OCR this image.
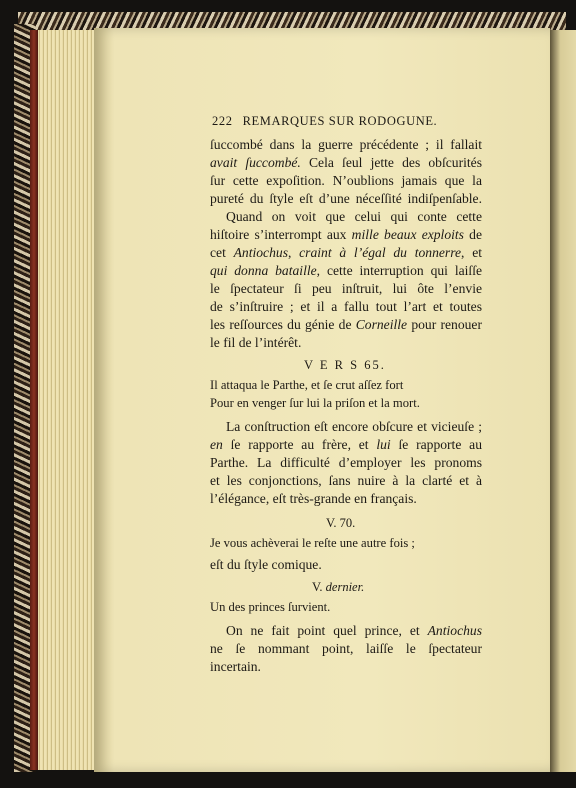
222 REMARQUES SUR RODOGUNE.
ſuccombé dans la guerre précédente ; il fallait
avait ſuccombé. Cela ſeul jette des obſcurités
ſur cette expoſition. N’oublions jamais que la
pureté du ſtyle eſt d’une néceſſité indiſpenſable.
Quand on voit que celui qui conte cette
hiſtoire s’interrompt aux mille beaux exploits de
cet Antiochus, craint à l’égal du tonnerre, et
qui donna bataille, cette interruption qui laiſſe
le ſpectateur ſi peu inſtruit, lui ôte l’envie
de s’inſtruire ; et il a fallu tout l’art et toutes
les reſſources du génie de Corneille pour renouer
le fil de l’intérêt.
V E R S 65.
Il attaqua le Parthe, et ſe crut aſſez fort
Pour en venger ſur lui la priſon et la mort.
La conſtruction eſt encore obſcure et vicieuſe ;
en ſe rapporte au frère, et lui ſe rapporte au
Parthe. La difficulté d’employer les pronoms
et les conjonctions, ſans nuire à la clarté et à
l’élégance, eſt très-grande en français.
V. 70.
Je vous achèverai le reſte une autre fois ;
eſt du ſtyle comique.
V. dernier.
Un des princes ſurvient.
On ne fait point quel prince, et Antiochus
ne ſe nommant point, laiſſe le ſpectateur
incertain.
